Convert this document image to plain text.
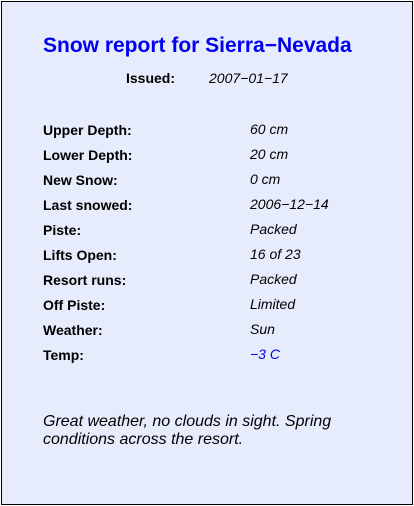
Snow report for Sierra−Nevada
Issued: 2007−01−17
Upper Depth:	60 cm
Lower Depth:	20 cm
New Snow:	0 cm
Last snowed:	2006−12−14
Piste:	Packed
Lifts Open:	16 of 23
Resort runs:	Packed
Off Piste:	Limited
Weather:	Sun
Temp:	−3 C
Great weather, no clouds in sight. Spring conditions across the resort.
